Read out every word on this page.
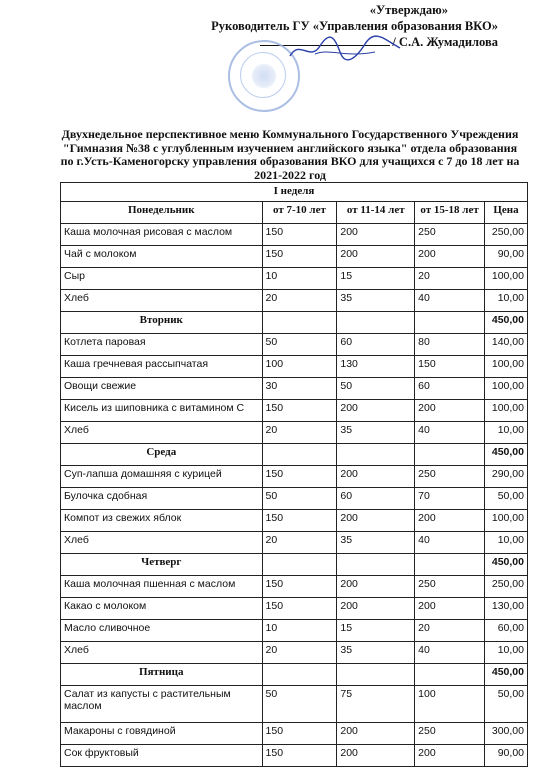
«Утверждаю»
Руководитель ГУ «Управления образования ВКО»
/ С.А. Жумадилова
Двухнедельное перспективное меню Коммунального Государственного Учреждения "Гимназия №38 с углубленным изучением английского языка" отдела образования по г.Усть-Каменогорску управления образования ВКО для учащихся с 7 до 18 лет на 2021-2022 год
I неделя				
Понедельник	от 7-10 лет	от 11-14 лет	от 15-18 лет	Цена
Каша молочная рисовая с маслом	150	200	250	250,00
Чай с молоком	150	200	200	90,00
Сыр	10	15	20	100,00
Хлеб	20	35	40	10,00
Вторник				450,00
Котлета паровая	50	60	80	140,00
Каша гречневая рассыпчатая	100	130	150	100,00
Овощи свежие	30	50	60	100,00
Кисель из шиповника с витамином С	150	200	200	100,00
Хлеб	20	35	40	10,00
Среда				450,00
Суп-лапша домашняя с курицей	150	200	250	290,00
Булочка сдобная	50	60	70	50,00
Компот из свежих яблок	150	200	200	100,00
Хлеб	20	35	40	10,00
Четверг				450,00
Каша молочная пшенная с маслом	150	200	250	250,00
Какао с молоком	150	200	200	130,00
Масло сливочное	10	15	20	60,00
Хлеб	20	35	40	10,00
Пятница				450,00
Салат из капусты с растительным маслом	50	75	100	50,00
Макароны с говядиной	150	200	250	300,00
Сок фруктовый	150	200	200	90,00
